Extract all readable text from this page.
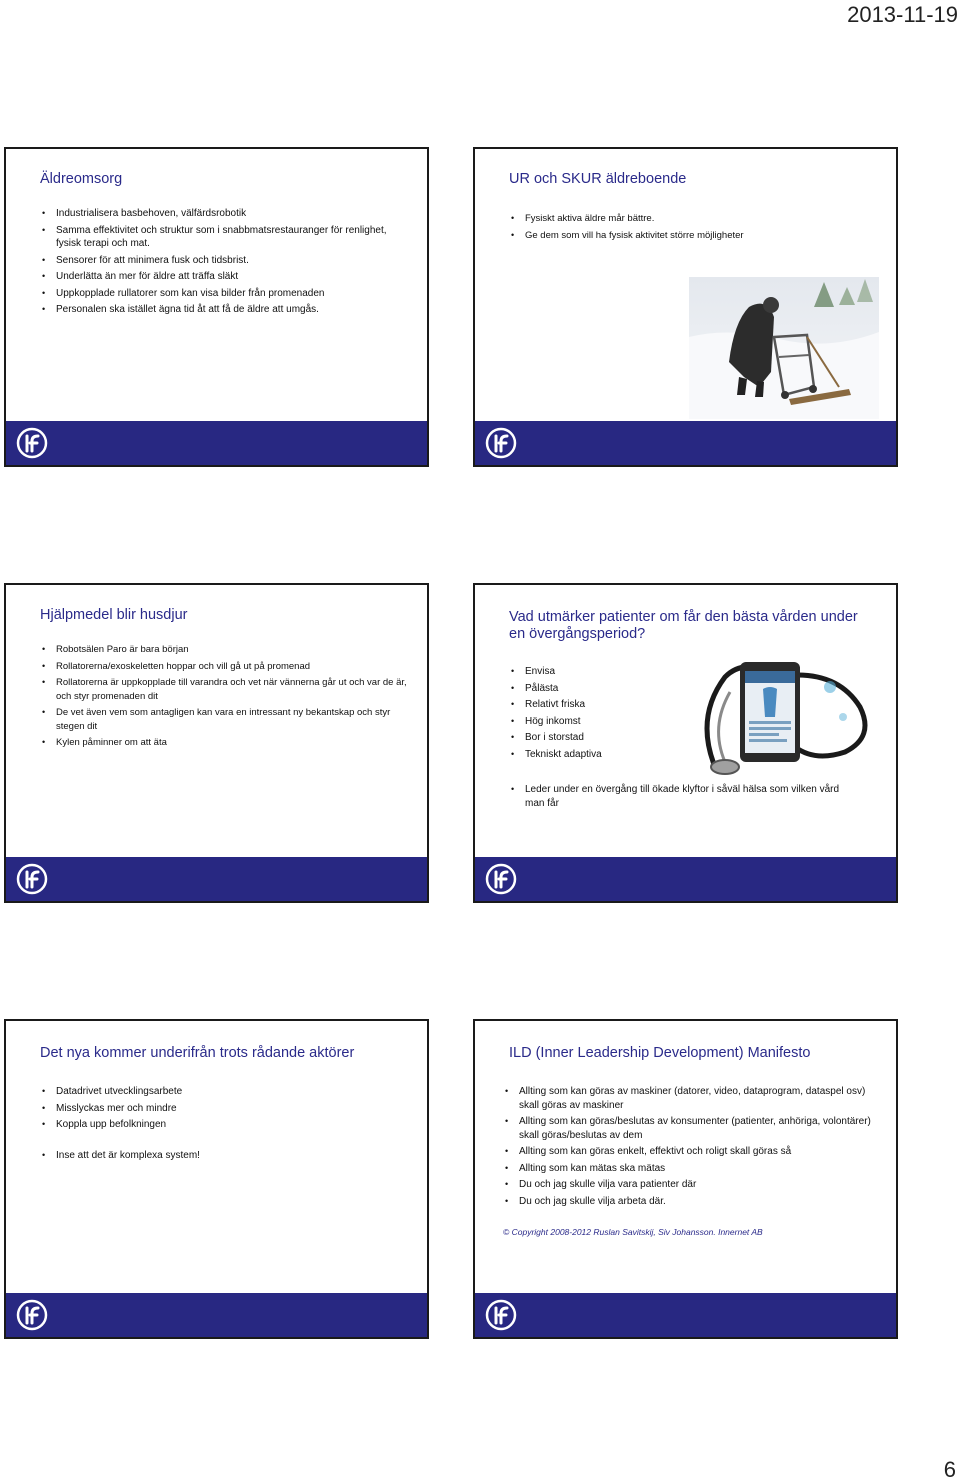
2013-11-19
Äldreomsorg
• Industrialisera basbehoven, välfärdsrobotik
• Samma effektivitet och struktur som i snabbmatsrestauranger för renlighet, fysisk terapi och mat.
• Sensorer för att minimera fusk och tidsbrist.
• Underlätta än mer för äldre att träffa släkt
• Uppkopplade rullatorer som kan visa bilder från promenaden
• Personalen ska istället ägna tid åt att få de äldre att umgås.
UR och SKUR äldreboende
• Fysiskt aktiva äldre mår bättre.
• Ge dem som vill ha fysisk aktivitet större möjligheter
Hjälpmedel blir husdjur
• Robotsälen Paro är bara början
• Rollatorerna/exoskeletten hoppar och vill gå ut på promenad
• Rollatorerna är uppkopplade till varandra och vet när vännerna går ut och var de är, och styr promenaden dit
• De vet även vem som antagligen kan vara en intressant ny bekantskap och styr stegen dit
• Kylen påminner om att äta
Vad utmärker patienter om får den bästa vården under en övergångsperiod?
• Envisa
• Pålästa
• Relativt friska
• Hög inkomst
• Bor i storstad
• Tekniskt adaptiva
• Leder under en övergång till ökade klyftor i såväl hälsa som vilken vård man får
Det nya kommer underifrån trots rådande aktörer
• Datadrivet utvecklingsarbete
• Misslyckas mer och mindre
• Koppla upp befolkningen
• Inse att det är komplexa system!
ILD (Inner Leadership Development) Manifesto
• Allting som kan göras av maskiner (datorer, video, dataprogram, dataspel osv) skall göras av maskiner
• Allting som kan göras/beslutas av konsumenter (patienter, anhöriga, volontärer) skall göras/beslutas av dem
• Allting som kan göras enkelt, effektivt och roligt skall göras så
• Allting som kan mätas ska mätas
• Du och jag skulle vilja vara patienter där
• Du och jag skulle vilja arbeta där.
© Copyright 2008-2012 Ruslan Savitskij, Siv Johansson. Innernet AB
6
